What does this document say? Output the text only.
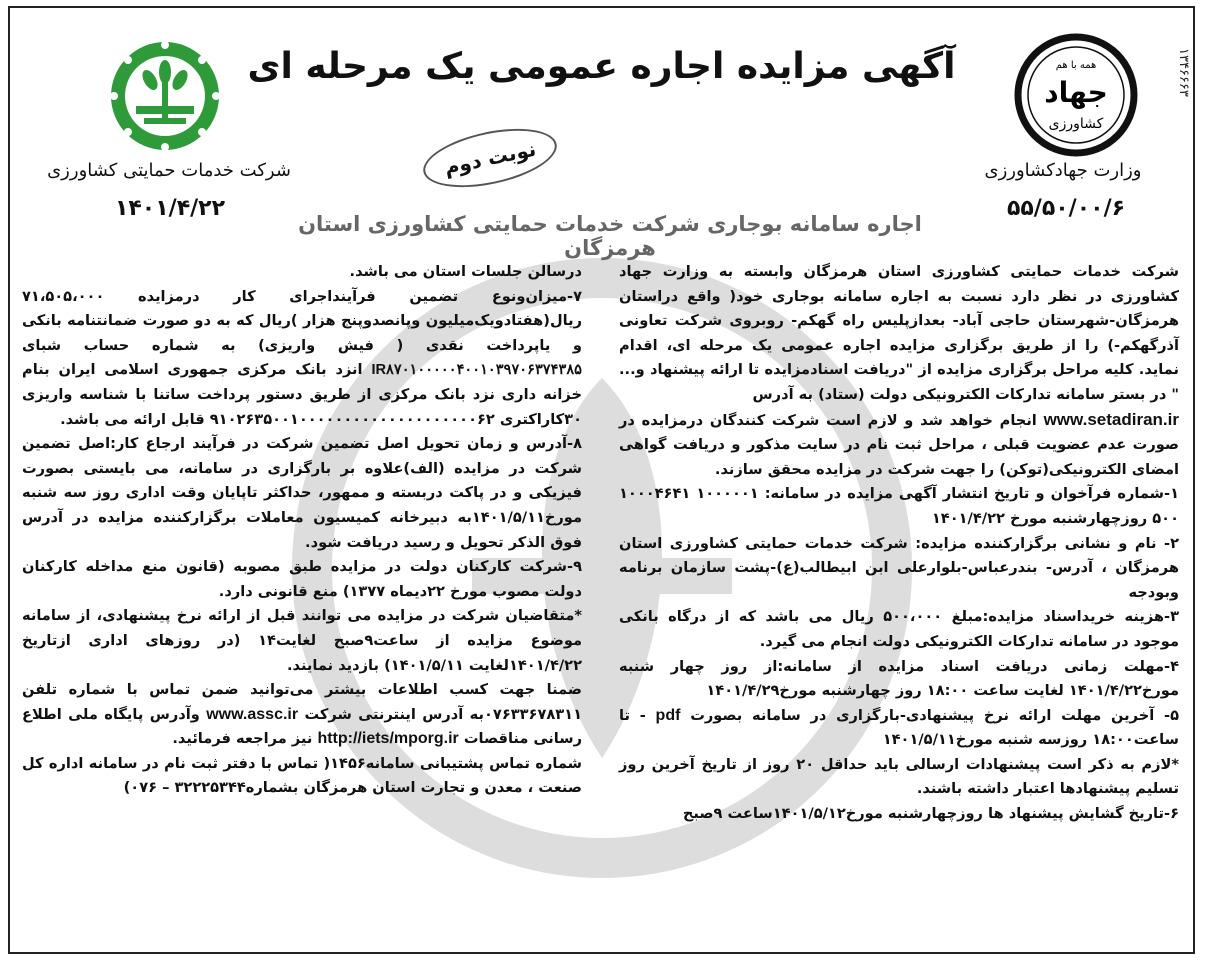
۱۳۴۶۶۶۳
همه با هم
جهاد
کشاورزی
وزارت جهادکشاورزی
۵۵/۵۰/۰۰/۶
آگهی مزایده اجاره عمومی یک مرحله ای
نوبت دوم
شرکت خدمات حمایتی کشاورزی
۱۴۰۱/۴/۲۲
اجاره سامانه بوجاری شرکت خدمات حمایتی کشاورزی استان هرمزگان

شرکت خدمات حمایتی کشاورزی استان هرمزگان وابسته به وزارت جهاد کشاورزی در نظر دارد نسبت به اجاره سامانه بوجاری خود( واقع دراستان هرمزگان-شهرستان حاجی آباد- بعدازپلیس راه گهکم- روبروی شرکت تعاونی آذرگهکم-) را از طریق برگزاری مزایده اجاره عمومی یک مرحله ای، اقدام نماید. کلیه مراحل برگزاری مزایده از "دریافت اسنادمزایده تا ارائه پیشنهاد و... " در بستر سامانه تدارکات الکترونیکی دولت (ستاد) به آدرس

www.setadiran.ir انجام خواهد شد و لازم است شرکت کنندگان درمزایده در صورت عدم عضویت قبلی ، مراحل ثبت نام در سایت مذکور و دریافت گواهی امضای الکترونیکی(توکن) را جهت شرکت در مزایده محقق سازند.

۱-شماره فرآخوان و تاریخ انتشار آگهی مزایده در سامانه: ۱۰۰۰۰۰۱ ۱۰۰۰۴۶۴۱ ۵۰۰ روزچهارشنبه مورخ ۱۴۰۱/۴/۲۲

۲- نام و نشانی برگزارکننده مزایده: شرکت خدمات حمایتی کشاورزی استان هرمزگان ، آدرس- بندرعباس-بلوارعلی ابن ابیطالب(ع)-پشت سازمان برنامه وبودجه

۳-هزینه خریداسناد مزایده:مبلغ ۵۰۰،۰۰۰ ریال می باشد که از درگاه بانکی موجود در سامانه تدارکات الکترونیکی دولت انجام می گیرد.

۴-مهلت زمانی دریافت اسناد مزایده از سامانه:از روز چهار شنبه مورخ۱۴۰۱/۴/۲۲ لغایت ساعت ۱۸:۰۰ روز چهارشنبه مورخ۱۴۰۱/۴/۲۹

۵- آخرین مهلت ارائه نرخ پیشنهادی-بارگزاری در سامانه بصورت pdf - تا ساعت۱۸:۰۰ روزسه شنبه مورخ۱۴۰۱/۵/۱۱

*لازم به ذکر است پیشنهادات ارسالی باید حداقل ۲۰ روز از تاریخ آخرین روز تسلیم پیشنهادها اعتبار داشته باشند.

۶-تاریخ گشایش پیشنهاد ها روزچهارشنبه مورخ۱۴۰۱/۵/۱۲ساعت ۹صبح

درسالن جلسات استان می باشد.

۷-میزان‌ونوع تضمین فرآیند‌اجرای کار در‌مزایده ۷۱،۵۰۵،۰۰۰ ریال(هفتادویک‌میلیون وپانصدوپنج هزار )ریال که به دو صورت ضمانتنامه بانکی و یاپرداخت نقدی ( فیش واریزی) به شماره حساب شبای IR۸۷۰۱۰۰۰۰۰۴۰۰۱۰۳۹۷۰۶۳۷۴۳۸۵ انزد بانک مرکزی جمهوری اسلامی ایران بنام خزانه داری نزد بانک مرکزی از طریق دستور پرداخت ساتنا با شناسه واریزی ۳۰کاراکتری ۹۱۰۲۶۳۵۰۰۱۰۰۰۰۰۰۰۰۰۰۰۰۰۰۰۰۰۰۰۰۶۲ قابل ارائه می باشد.

۸-آدرس و زمان تحویل اصل تضمین شرکت در فرآیند ارجاع کار:اصل تضمین شرکت در مزایده (الف)علاوه بر بارگزاری در سامانه، می بایستی بصورت فیزیکی و در پاکت دربسته و ممهور، حداکثر تاپایان وقت اداری روز سه شنبه مورخ۱۴۰۱/۵/۱۱به دبیرخانه کمیسیون معاملات برگزارکننده مزایده در آدرس فوق الذکر تحویل و رسید دریافت شود.

۹-شرکت کارکنان دولت در مزایده طبق مصوبه (قانون منع مداخله کارکنان دولت مصوب مورخ ۲۲دیماه ۱۳۷۷) منع قانونی دارد.

*متقاضیان شرکت در مزایده می توانند قبل از ارائه نرخ پیشنهادی، از سامانه موضوع مزایده از ساعت۹صبح لغایت۱۴ (در روزهای اداری ازتاریخ ۱۴۰۱/۴/۲۲لغایت ۱۴۰۱/۵/۱۱) بازدید نمایند.

ضمنا جهت کسب اطلاعات بیشتر می‌توانید ضمن تماس با شماره تلفن ۰۷۶۳۳۶۷۸۳۱۱به آدرس اینترنتی شرکت www.assc.ir وآدرس پایگاه ملی اطلاع رسانی مناقصات http://iets/mporg.ir نیز مراجعه فرمائید.

شماره تماس پشتیبانی سامانه۱۴۵۶( تماس با دفتر ثبت نام در سامانه اداره کل صنعت ، معدن و تجارت استان هرمزگان بشماره۳۲۲۲۵۳۴۴ – ۰۷۶)
